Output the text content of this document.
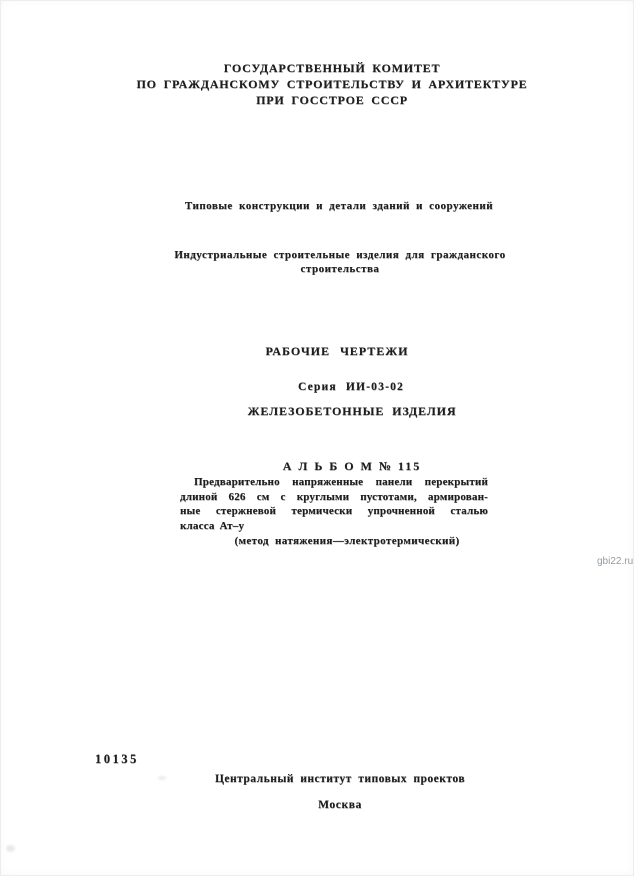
ГОСУДАРСТВЕННЫЙ КОМИТЕТ
ПО ГРАЖДАНСКОМУ СТРОИТЕЛЬСТВУ И АРХИТЕКТУРЕ
ПРИ ГОССТРОЕ СССР
Типовые конструкции и детали зданий и сооружений
Индустриальные строительные изделия для гражданского
строительства
РАБОЧИЕ ЧЕРТЕЖИ
Серия ИИ-03-02
ЖЕЛЕЗОБЕТОННЫЕ ИЗДЕЛИЯ
А Л Ь Б О М № 115
Предварительно напряженные панели перекрытий
длиной 626 см с круглыми пустотами, армирован-
ные стержневой термически упрочненной сталью
класса Ат–у
(метод натяжения—электротермический)
gbi22.ru
10135
Центральный институт типовых проектов
Москва
